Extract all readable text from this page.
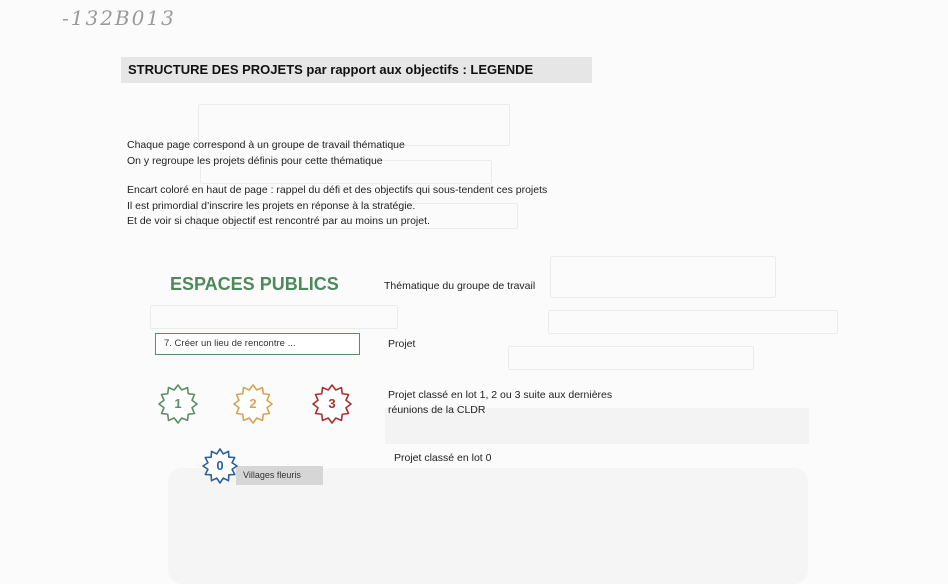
-132B013
STRUCTURE DES PROJETS par rapport aux objectifs : LEGENDE
Chaque page correspond à un groupe de travail thématique
On y regroupe les projets définis pour cette thématique
Encart coloré en haut de page : rappel du défi et des objectifs qui sous-tendent ces projets
Il est primordial d’inscrire les projets en réponse à la stratégie.
Et de voir si chaque objectif est rencontré par au moins un projet.
ESPACES PUBLICS	Thématique du groupe de travail
7. Créer un lieu de rencontre ...	Projet
1	2	3
Projet classé en lot 1, 2 ou 3 suite aux dernières
réunions de la CLDR
Villages fleuris
0	Projet classé en lot 0
